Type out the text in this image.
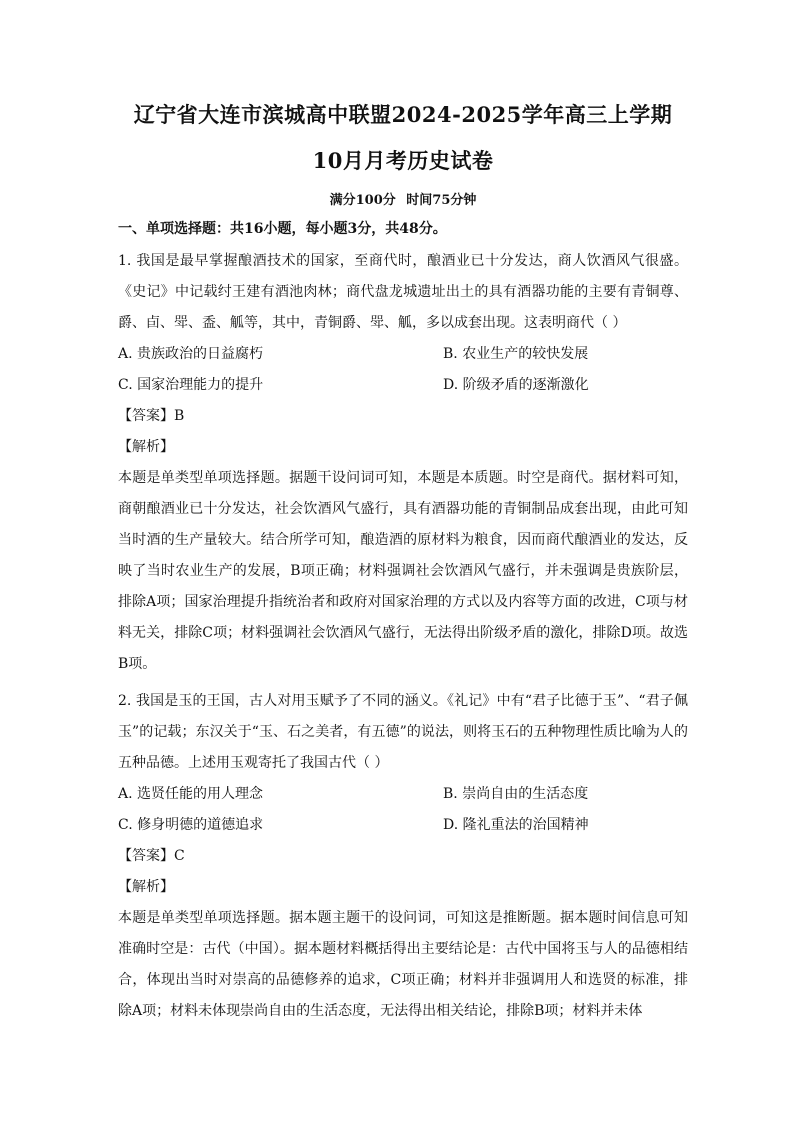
辽宁省大连市滨城高中联盟2024-2025学年高三上学期
10月月考历史试卷
满分100分 时间75分钟
一、单项选择题：共16小题，每小题3分，共48分。
1. 我国是最早掌握酿酒技术的国家，至商代时，酿酒业已十分发达，商人饮酒风气很盛。《史记》中记载纣王建有酒池肉林；商代盘龙城遗址出土的具有酒器功能的主要有青铜尊、爵、卣、斝、盉、觚等，其中，青铜爵、斝、觚，多以成套出现。这表明商代（ ）
A. 贵族政治的日益腐朽	B. 农业生产的较快发展
C. 国家治理能力的提升	D. 阶级矛盾的逐渐激化
【答案】B
【解析】
本题是单类型单项选择题。据题干设问词可知，本题是本质题。时空是商代。据材料可知，商朝酿酒业已十分发达，社会饮酒风气盛行，具有酒器功能的青铜制品成套出现，由此可知当时酒的生产量较大。结合所学可知，酿造酒的原材料为粮食，因而商代酿酒业的发达，反映了当时农业生产的发展，B项正确；材料强调社会饮酒风气盛行，并未强调是贵族阶层，排除A项；国家治理提升指统治者和政府对国家治理的方式以及内容等方面的改进，C项与材料无关，排除C项；材料强调社会饮酒风气盛行，无法得出阶级矛盾的激化，排除D项。故选B项。
2. 我国是玉的王国，古人对用玉赋予了不同的涵义。《礼记》中有“君子比德于玉”、“君子佩玉”的记载；东汉关于“玉、石之美者，有五德”的说法，则将玉石的五种物理性质比喻为人的五种品德。上述用玉观寄托了我国古代（ ）
A. 选贤任能的用人理念	B. 崇尚自由的生活态度
C. 修身明德的道德追求	D. 隆礼重法的治国精神
【答案】C
【解析】
本题是单类型单项选择题。据本题主题干的设问词，可知这是推断题。据本题时间信息可知准确时空是：古代（中国）。据本题材料概括得出主要结论是：古代中国将玉与人的品德相结合，体现出当时对崇高的品德修养的追求，C项正确；材料并非强调用人和选贤的标准，排除A项；材料未体现崇尚自由的生活态度，无法得出相关结论，排除B项；材料并未体
